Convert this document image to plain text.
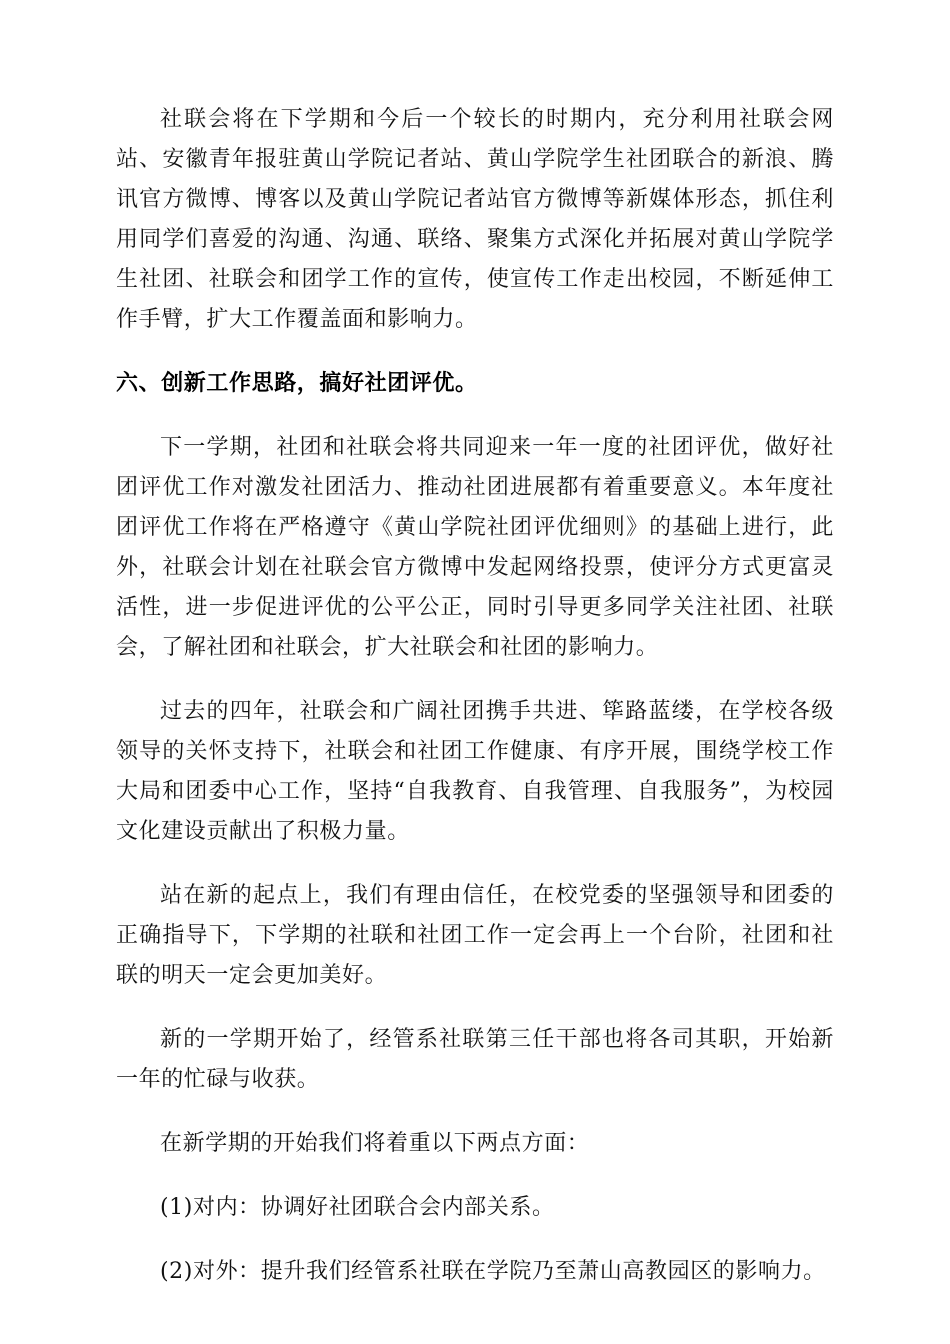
社联会将在下学期和今后一个较长的时期内，充分利用社联会网站、安徽青年报驻黄山学院记者站、黄山学院学生社团联合的新浪、腾讯官方微博、博客以及黄山学院记者站官方微博等新媒体形态，抓住利用同学们喜爱的沟通、沟通、联络、聚集方式深化并拓展对黄山学院学生社团、社联会和团学工作的宣传，使宣传工作走出校园，不断延伸工作手臂，扩大工作覆盖面和影响力。

六、创新工作思路，搞好社团评优。

下一学期，社团和社联会将共同迎来一年一度的社团评优，做好社团评优工作对激发社团活力、推动社团进展都有着重要意义。本年度社团评优工作将在严格遵守《黄山学院社团评优细则》的基础上进行，此外，社联会计划在社联会官方微博中发起网络投票，使评分方式更富灵活性，进一步促进评优的公平公正，同时引导更多同学关注社团、社联会，了解社团和社联会，扩大社联会和社团的影响力。

过去的四年，社联会和广阔社团携手共进、筚路蓝缕，在学校各级领导的关怀支持下，社联会和社团工作健康、有序开展，围绕学校工作大局和团委中心工作，坚持“自我教育、自我管理、自我服务”，为校园文化建设贡献出了积极力量。

站在新的起点上，我们有理由信任，在校党委的坚强领导和团委的正确指导下，下学期的社联和社团工作一定会再上一个台阶，社团和社联的明天一定会更加美好。

新的一学期开始了，经管系社联第三任干部也将各司其职，开始新一年的忙碌与收获。

在新学期的开始我们将着重以下两点方面：

(1)对内：协调好社团联合会内部关系。

(2)对外：提升我们经管系社联在学院乃至萧山高教园区的影响力。
